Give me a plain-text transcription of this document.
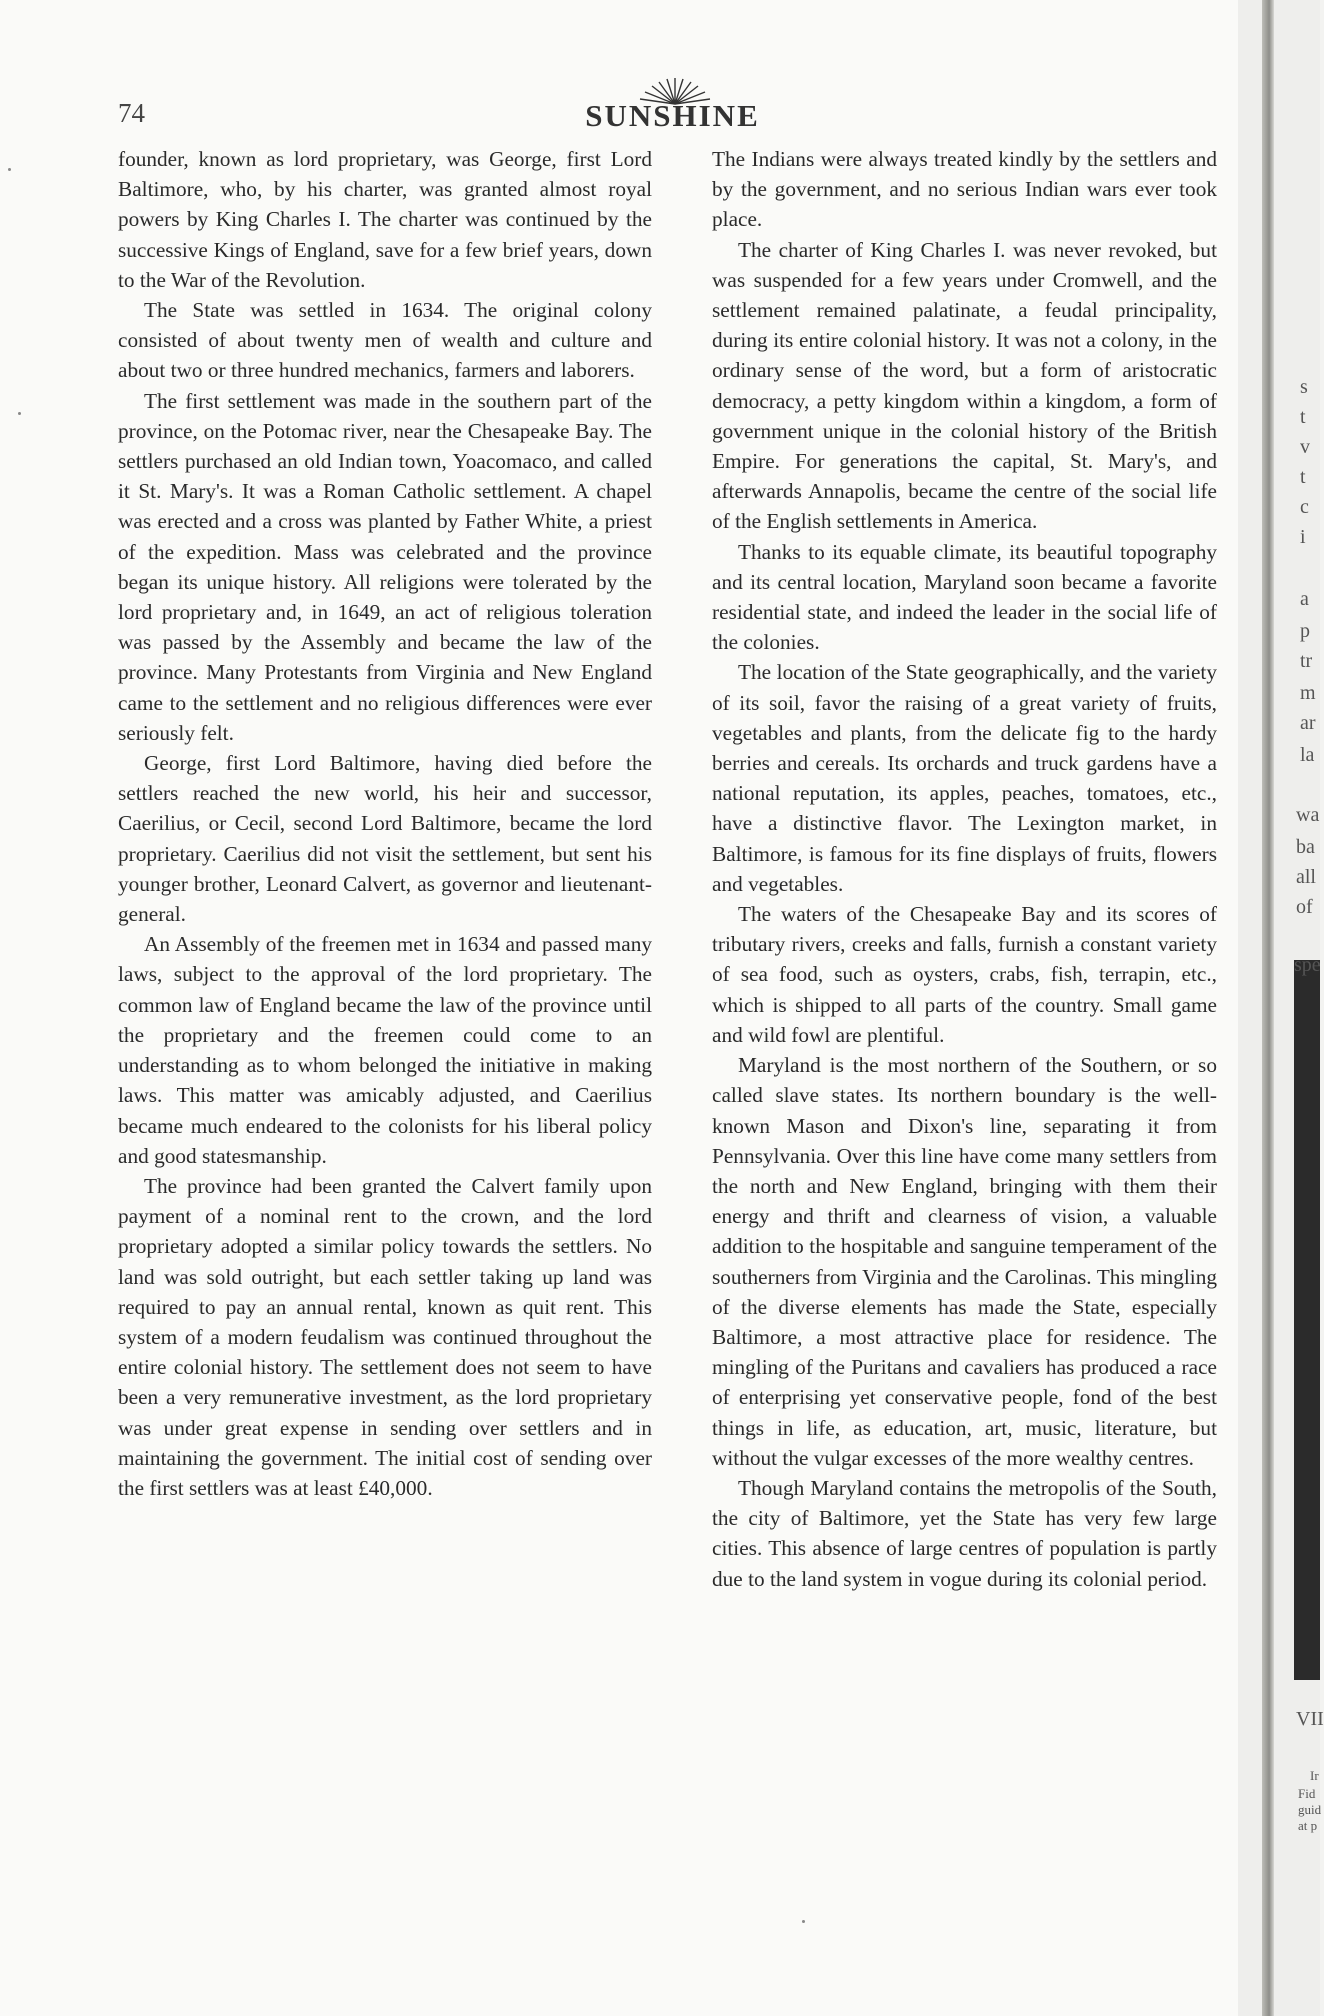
74	SUNSHINE

founder, known as lord proprietary, was George, first Lord Baltimore, who, by his charter, was granted almost royal powers by King Charles I. The charter was continued by the successive Kings of England, save for a few brief years, down to the War of the Revolution.

The State was settled in 1634. The original colony consisted of about twenty men of wealth and culture and about two or three hundred mechanics, farmers and laborers.

The first settlement was made in the southern part of the province, on the Potomac river, near the Chesapeake Bay. The settlers purchased an old Indian town, Yoacomaco, and called it St. Mary's. It was a Roman Catholic settlement. A chapel was erected and a cross was planted by Father White, a priest of the expedition. Mass was celebrated and the province began its unique history. All religions were tolerated by the lord proprietary and, in 1649, an act of religious toleration was passed by the Assembly and became the law of the province. Many Protestants from Virginia and New England came to the settlement and no religious differences were ever seriously felt.

George, first Lord Baltimore, having died before the settlers reached the new world, his heir and successor, Caerilius, or Cecil, second Lord Baltimore, became the lord proprietary. Caerilius did not visit the settlement, but sent his younger brother, Leonard Calvert, as governor and lieutenant-general.

An Assembly of the freemen met in 1634 and passed many laws, subject to the approval of the lord proprietary. The common law of England became the law of the province until the proprietary and the freemen could come to an understanding as to whom belonged the initiative in making laws. This matter was amicably adjusted, and Caerilius became much endeared to the colonists for his liberal policy and good statesmanship.

The province had been granted the Calvert family upon payment of a nominal rent to the crown, and the lord proprietary adopted a similar policy towards the settlers. No land was sold outright, but each settler taking up land was required to pay an annual rental, known as quit rent. This system of a modern feudalism was continued throughout the entire colonial history. The settlement does not seem to have been a very remunerative investment, as the lord proprietary was under great expense in sending over settlers and in maintaining the government. The initial cost of sending over the first settlers was at least £40,000.

The Indians were always treated kindly by the settlers and by the government, and no serious Indian wars ever took place.

The charter of King Charles I. was never revoked, but was suspended for a few years under Cromwell, and the settlement remained palatinate, a feudal principality, during its entire colonial history. It was not a colony, in the ordinary sense of the word, but a form of aristocratic democracy, a petty kingdom within a kingdom, a form of government unique in the colonial history of the British Empire. For generations the capital, St. Mary's, and afterwards Annapolis, became the centre of the social life of the English settlements in America.

Thanks to its equable climate, its beautiful topography and its central location, Maryland soon became a favorite residential state, and indeed the leader in the social life of the colonies.

The location of the State geographically, and the variety of its soil, favor the raising of a great variety of fruits, vegetables and plants, from the delicate fig to the hardy berries and cereals. Its orchards and truck gardens have a national reputation, its apples, peaches, tomatoes, etc., have a distinctive flavor. The Lexington market, in Baltimore, is famous for its fine displays of fruits, flowers and vegetables.

The waters of the Chesapeake Bay and its scores of tributary rivers, creeks and falls, furnish a constant variety of sea food, such as oysters, crabs, fish, terrapin, etc., which is shipped to all parts of the country. Small game and wild fowl are plentiful.

Maryland is the most northern of the Southern, or so called slave states. Its northern boundary is the well-known Mason and Dixon's line, separating it from Pennsylvania. Over this line have come many settlers from the north and New England, bringing with them their energy and thrift and clearness of vision, a valuable addition to the hospitable and sanguine temperament of the southerners from Virginia and the Carolinas. This mingling of the diverse elements has made the State, especially Baltimore, a most attractive place for residence. The mingling of the Puritans and cavaliers has produced a race of enterprising yet conservative people, fond of the best things in life, as education, art, music, literature, but without the vulgar excesses of the more wealthy centres.

Though Maryland contains the metropolis of the South, the city of Baltimore, yet the State has very few large cities. This absence of large centres of population is partly due to the land system in vogue during its colonial period.

s
t
v
t
c
i
a
p
tr
m
ar
la
wa
ba
all
of
spe
VII
Ir
Fid
guid
at p
